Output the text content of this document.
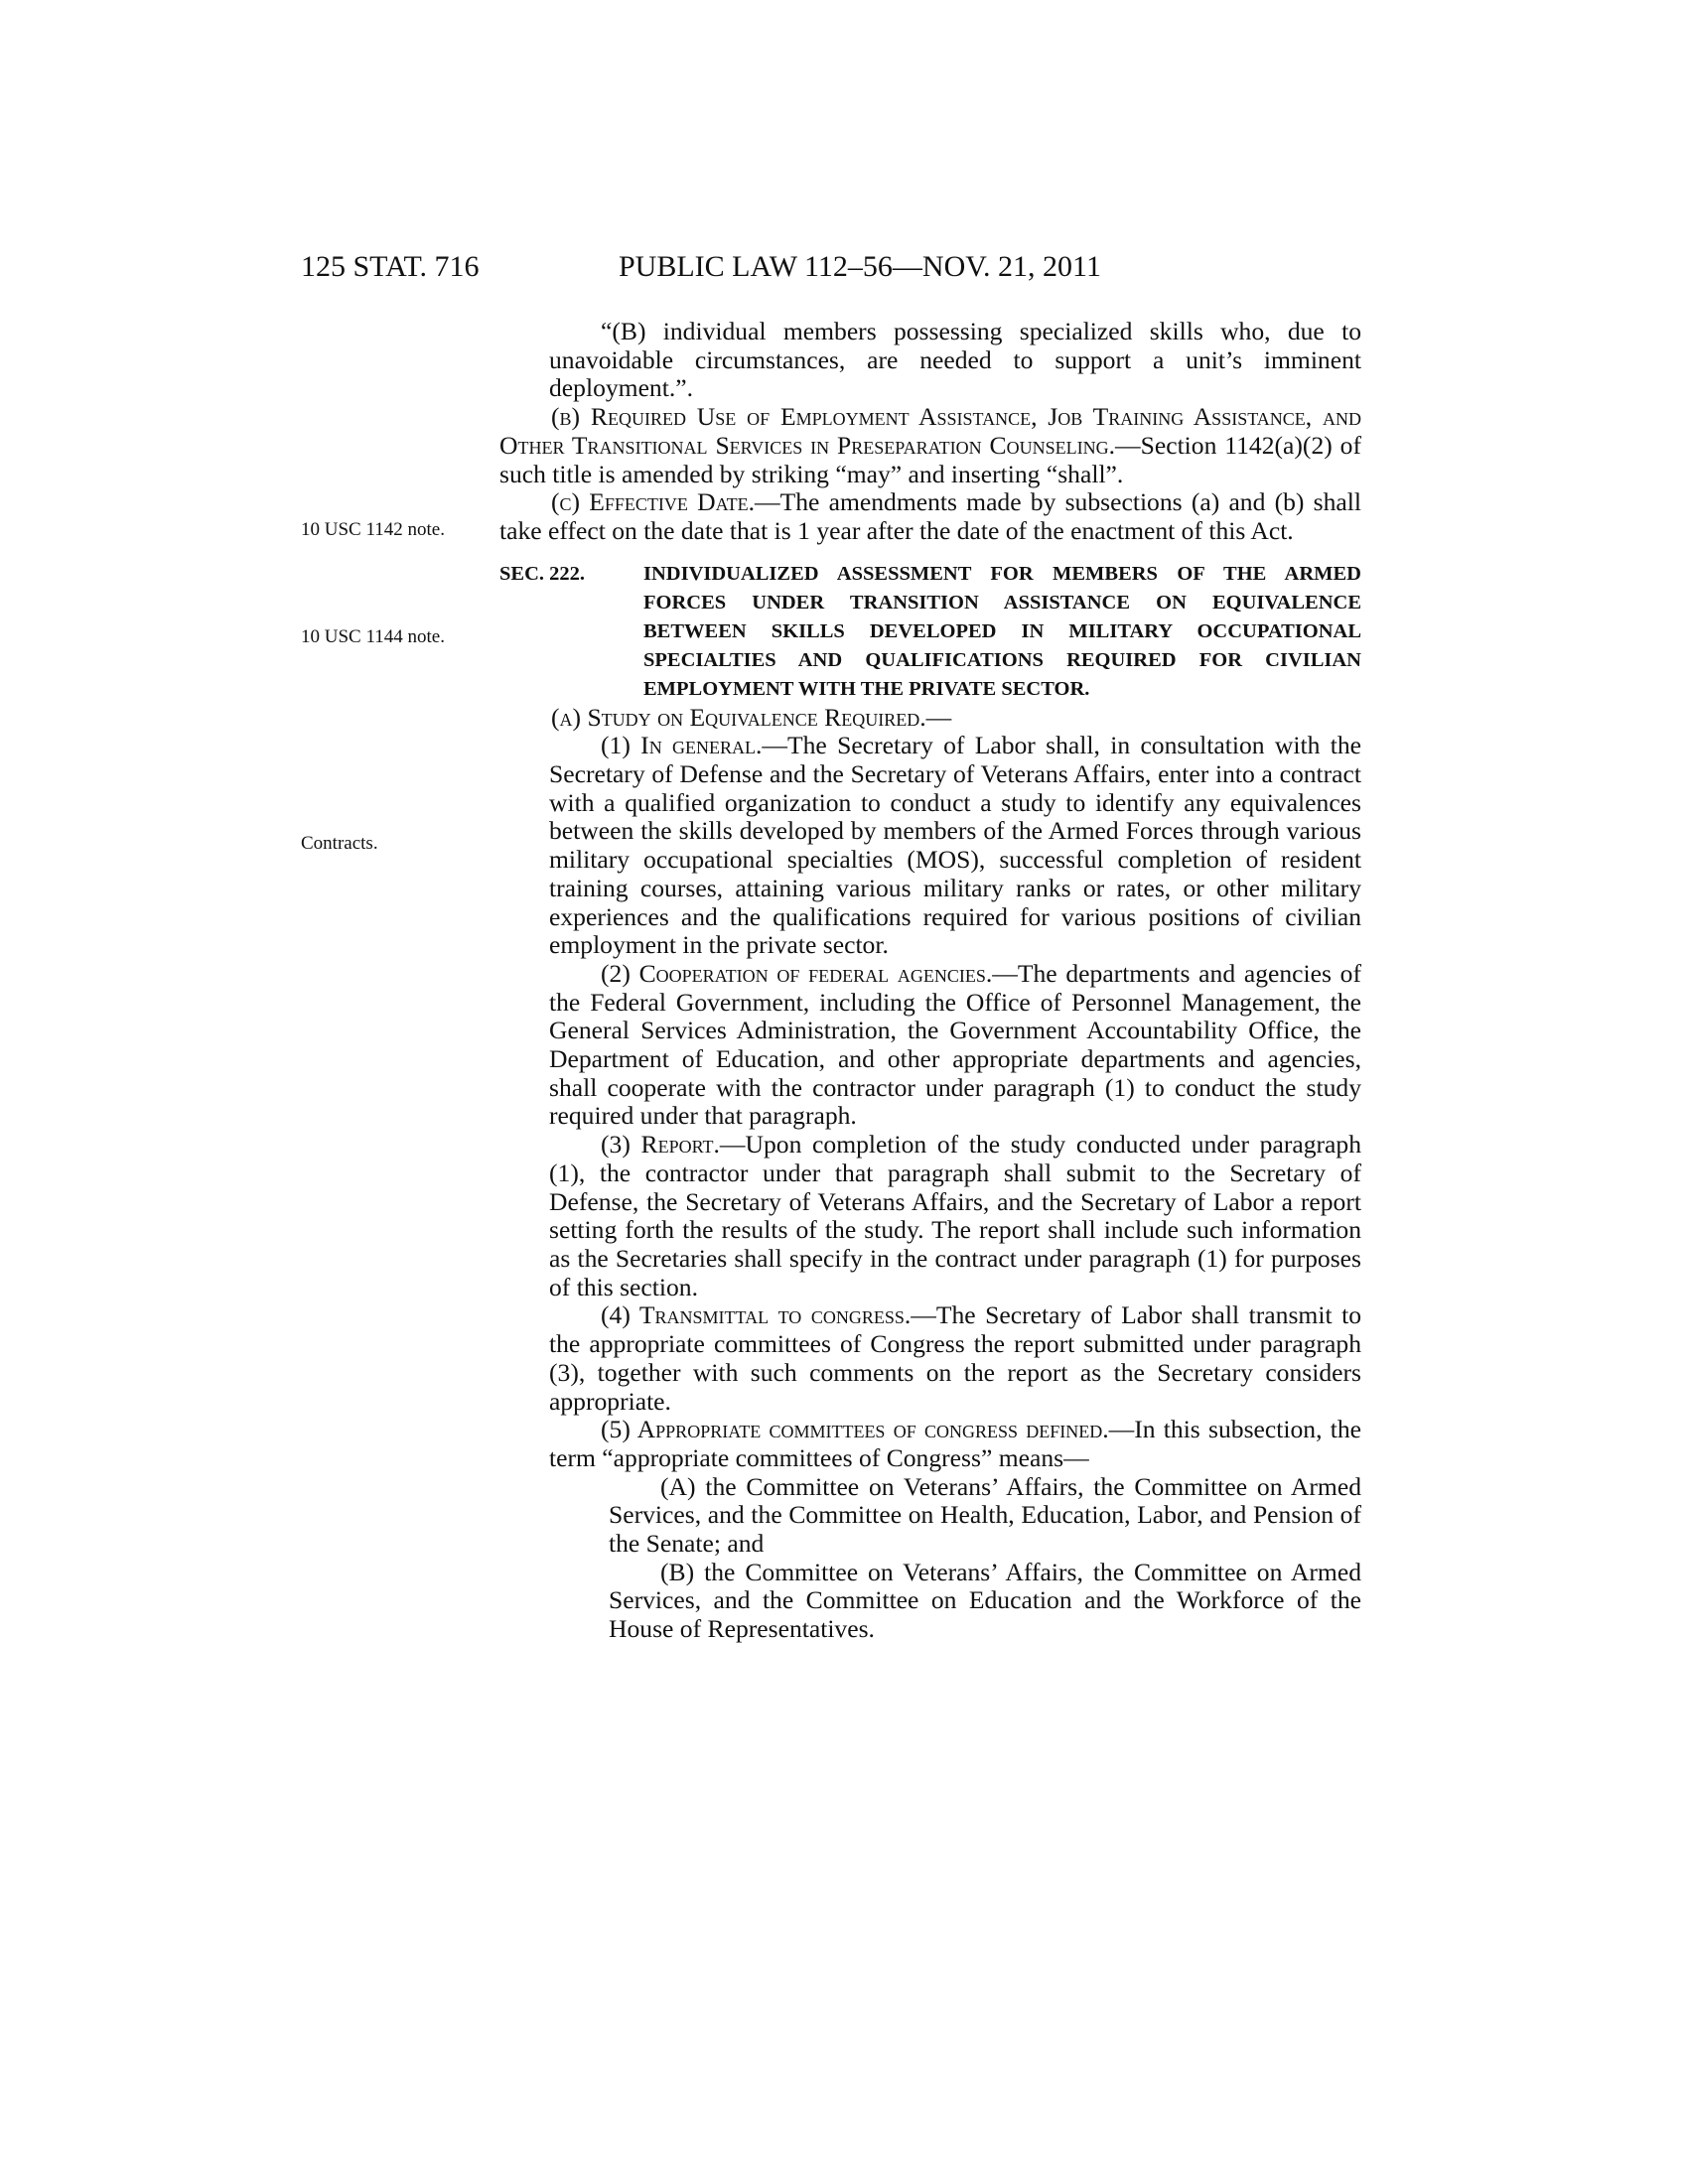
125 STAT. 716	PUBLIC LAW 112–56—NOV. 21, 2011
10 USC 1142 note.
10 USC 1144 note.
Contracts.

“(B) individual members possessing specialized skills who, due to unavoidable circumstances, are needed to support a unit’s imminent deployment.”.

(b) Required Use of Employment Assistance, Job Training Assistance, and Other Transitional Services in Preseparation Counseling.—Section 1142(a)(2) of such title is amended by striking “may” and inserting “shall”.

(c) Effective Date.—The amendments made by subsections (a) and (b) shall take effect on the date that is 1 year after the date of the enactment of this Act.

SEC. 222.	INDIVIDUALIZED ASSESSMENT FOR MEMBERS OF THE ARMED FORCES UNDER TRANSITION ASSISTANCE ON EQUIVALENCE BETWEEN SKILLS DEVELOPED IN MILITARY OCCUPATIONAL SPECIALTIES AND QUALIFICATIONS REQUIRED FOR CIVILIAN EMPLOYMENT WITH THE PRIVATE SECTOR.

(a) Study on Equivalence Required.—

(1) In general.—The Secretary of Labor shall, in consultation with the Secretary of Defense and the Secretary of Veterans Affairs, enter into a contract with a qualified organization to conduct a study to identify any equivalences between the skills developed by members of the Armed Forces through various military occupational specialties (MOS), successful completion of resident training courses, attaining various military ranks or rates, or other military experiences and the qualifications required for various positions of civilian employment in the private sector.

(2) Cooperation of federal agencies.—The departments and agencies of the Federal Government, including the Office of Personnel Management, the General Services Administration, the Government Accountability Office, the Department of Education, and other appropriate departments and agencies, shall cooperate with the contractor under paragraph (1) to conduct the study required under that paragraph.

(3) Report.—Upon completion of the study conducted under paragraph (1), the contractor under that paragraph shall submit to the Secretary of Defense, the Secretary of Veterans Affairs, and the Secretary of Labor a report setting forth the results of the study. The report shall include such information as the Secretaries shall specify in the contract under paragraph (1) for purposes of this section.

(4) Transmittal to congress.—The Secretary of Labor shall transmit to the appropriate committees of Congress the report submitted under paragraph (3), together with such comments on the report as the Secretary considers appropriate.

(5) Appropriate committees of congress defined.—In this subsection, the term “appropriate committees of Congress” means—

(A) the Committee on Veterans’ Affairs, the Committee on Armed Services, and the Committee on Health, Education, Labor, and Pension of the Senate; and

(B) the Committee on Veterans’ Affairs, the Committee on Armed Services, and the Committee on Education and the Workforce of the House of Representatives.
